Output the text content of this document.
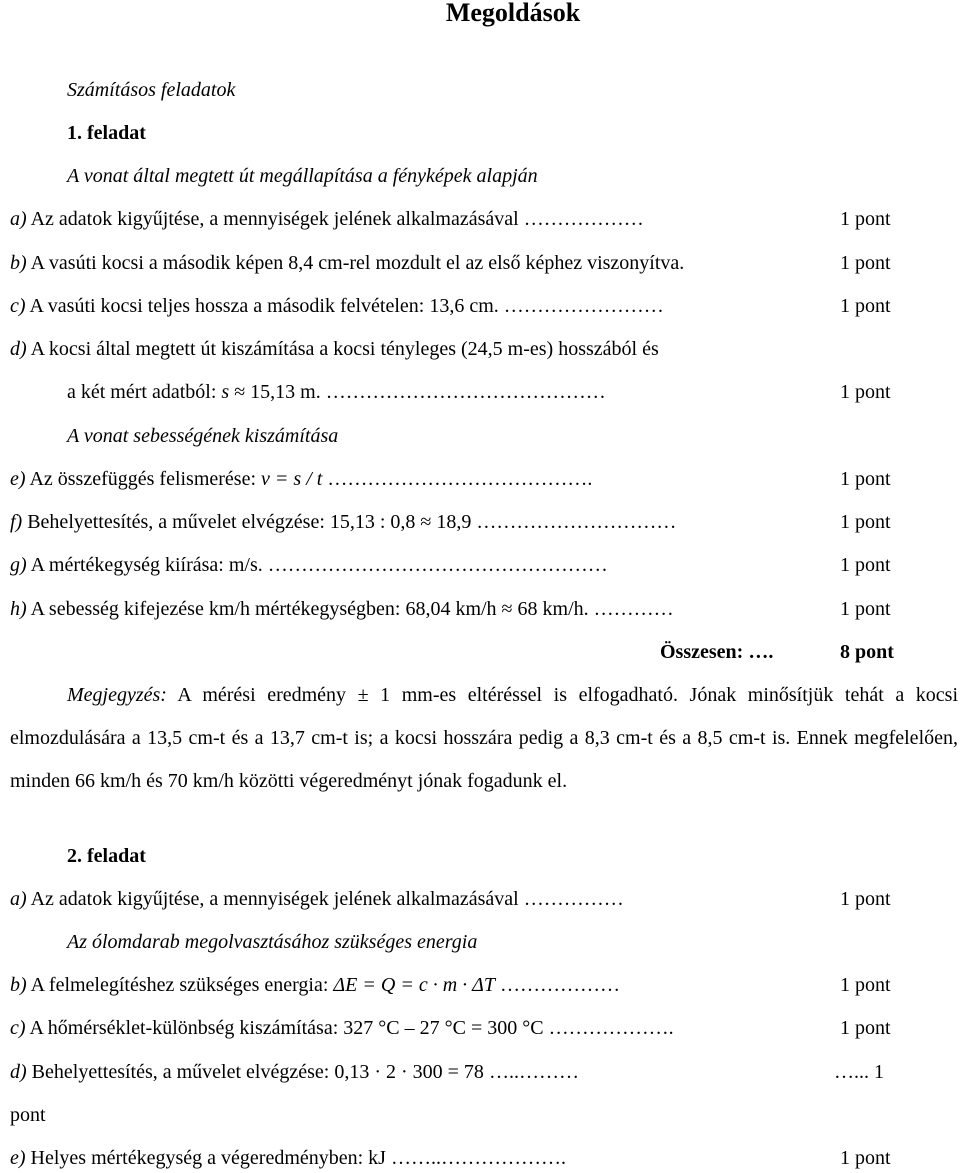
Megoldások
Számításos feladatok
1. feladat
A vonat által megtett út megállapítása a fényképek alapján
a) Az adatok kigyűjtése, a mennyiségek jelének alkalmazásával ………………	1 pont
b) A vasúti kocsi a második képen 8,4 cm-rel mozdult el az első képhez viszonyítva.	1 pont
c) A vasúti kocsi teljes hossza a második felvételen: 13,6 cm. ……………………	1 pont
d) A kocsi által megtett út kiszámítása a kocsi tényleges (24,5 m-es) hosszából és
a két mért adatból: s ≈ 15,13 m. ……………………………………	1 pont
A vonat sebességének kiszámítása
e) Az összefüggés felismerése: v = s / t ………………………………….	1 pont
f) Behelyettesítés, a művelet elvégzése: 15,13 : 0,8 ≈ 18,9 …………………………	1 pont
g) A mértékegység kiírása: m/s. ……………………………………………	1 pont
h) A sebesség kifejezése km/h mértékegységben: 68,04 km/h ≈ 68 km/h. …………	1 pont
Összesen: ….	8 pont
Megjegyzés: A mérési eredmény ± 1 mm-es eltéréssel is elfogadható. Jónak minősítjük tehát a kocsi elmozdulására a 13,5 cm-t és a 13,7 cm-t is; a kocsi hosszára pedig a 8,3 cm-t és a 8,5 cm-t is. Ennek megfelelően, minden 66 km/h és 70 km/h közötti végeredményt jónak fogadunk el.
2. feladat
a) Az adatok kigyűjtése, a mennyiségek jelének alkalmazásával ……………	1 pont
Az ólomdarab megolvasztásához szükséges energia
b) A felmelegítéshez szükséges energia: ΔE = Q = c · m · ΔT ………………	1 pont
c) A hőmérséklet-különbség kiszámítása: 327 °C – 27 °C = 300 °C ……………….	1 pont
d) Behelyettesítés, a művelet elvégzése: 0,13 · 2 · 300 = 78 …..………	…... 1
pont
e) Helyes mértékegység a végeredményben: kJ ……..……………….	1 pont
